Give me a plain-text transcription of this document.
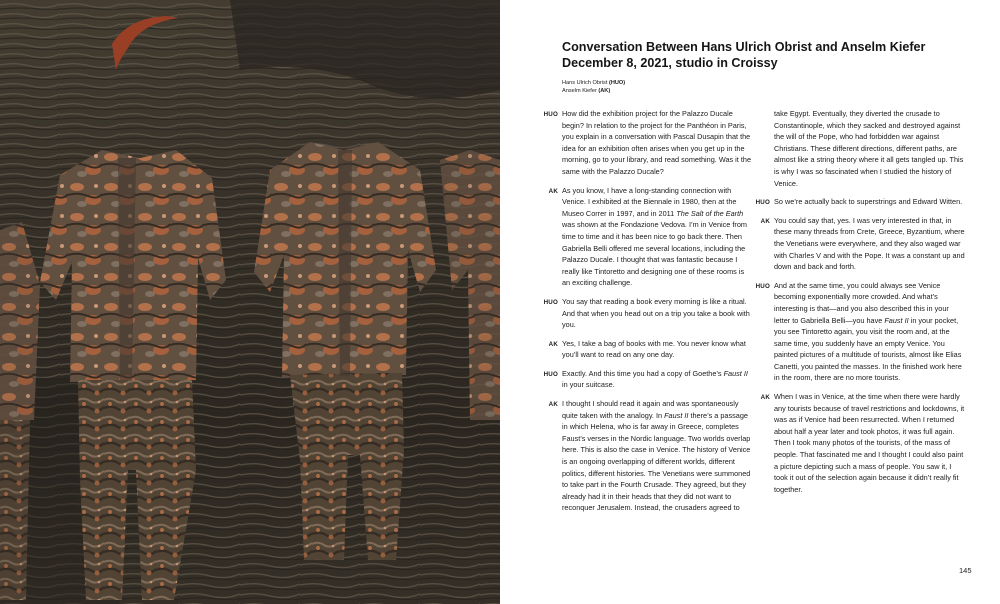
Conversation Between Hans Ulrich Obrist and Anselm Kiefer
December 8, 2021, studio in Croissy
Hans Ulrich Obrist (HUO)
Anselm Kiefer (AK)
HUO How did the exhibition project for the Palazzo Ducale begin? In relation to the project for the Panthéon in Paris, you explain in a conversation with Pascal Dusapin that the idea for an exhibition often arises when you get up in the morning, go to your library, and read something. Was it the same with the Palazzo Ducale?
AK As you know, I have a long-standing connection with Venice. I exhibited at the Biennale in 1980, then at the Museo Correr in 1997, and in 2011 The Salt of the Earth was shown at the Fondazione Vedova. I’m in Venice from time to time and it has been nice to go back there. Then Gabriella Belli offered me several locations, including the Palazzo Ducale. I thought that was fantastic because I really like Tintoretto and designing one of these rooms is an exciting challenge.
HUO You say that reading a book every morning is like a ritual. And that when you head out on a trip you take a book with you.
AK Yes, I take a bag of books with me. You never know what you’ll want to read on any one day.
HUO Exactly. And this time you had a copy of Goethe’s Faust II in your suitcase.
AK I thought I should read it again and was spontaneously quite taken with the analogy. In Faust II there’s a passage in which Helena, who is far away in Greece, completes Faust’s verses in the Nordic language. Two worlds overlap here. This is also the case in Venice. The history of Venice is an ongoing overlapping of different worlds, different politics, different histories. The Venetians were summoned to take part in the Fourth Crusade. They agreed, but they already had it in their heads that they did not want to reconquer Jerusalem. Instead, the crusaders agreed to
take Egypt. Eventually, they diverted the crusade to Constantinople, which they sacked and destroyed against the will of the Pope, who had forbidden war against Christians. These different directions, different paths, are almost like a string theory where it all gets tangled up. This is why I was so fascinated when I studied the history of Venice.
HUO So we’re actually back to superstrings and Edward Witten.
AK You could say that, yes. I was very interested in that, in these many threads from Crete, Greece, Byzantium, where the Venetians were everywhere, and they also waged war with Charles V and with the Pope. It was a constant up and down and back and forth.
HUO And at the same time, you could always see Venice becoming exponentially more crowded. And what’s interesting is that—and you also described this in your letter to Gabriella Belli—you have Faust II in your pocket, you see Tintoretto again, you visit the room and, at the same time, you suddenly have an empty Venice. You painted pictures of a multitude of tourists, almost like Elias Canetti, you painted the masses. In the finished work here in the room, there are no more tourists.
AK When I was in Venice, at the time when there were hardly any tourists because of travel restrictions and lockdowns, it was as if Venice had been resurrected. When I returned about half a year later and took photos, it was full again. Then I took many photos of the tourists, of the mass of people. That fascinated me and I thought I could also paint a picture depicting such a mass of people. You saw it, I took it out of the selection again because it didn’t really fit together.
145
